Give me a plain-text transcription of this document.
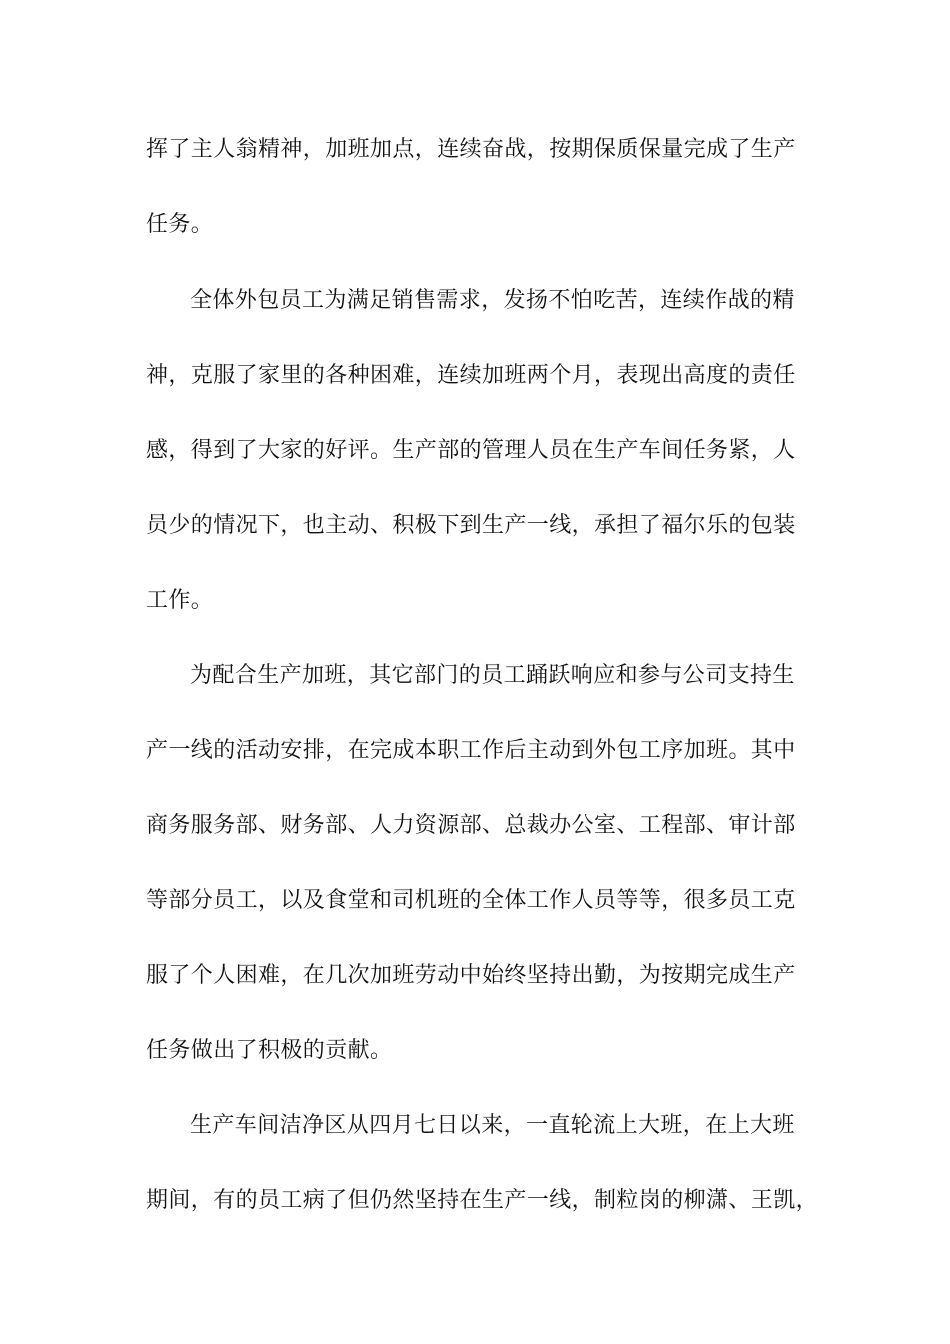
挥了主人翁精神，加班加点，连续奋战，按期保质保量完成了生产
任务。
全体外包员工为满足销售需求，发扬不怕吃苦，连续作战的精
神，克服了家里的各种困难，连续加班两个月，表现出高度的责任
感，得到了大家的好评。生产部的管理人员在生产车间任务紧，人
员少的情况下，也主动、积极下到生产一线，承担了福尔乐的包装
工作。
为配合生产加班，其它部门的员工踊跃响应和参与公司支持生
产一线的活动安排，在完成本职工作后主动到外包工序加班。其中
商务服务部、财务部、人力资源部、总裁办公室、工程部、审计部
等部分员工，以及食堂和司机班的全体工作人员等等，很多员工克
服了个人困难，在几次加班劳动中始终坚持出勤，为按期完成生产
任务做出了积极的贡献。
生产车间洁净区从四月七日以来，一直轮流上大班，在上大班
期间，有的员工病了但仍然坚持在生产一线，制粒岗的柳潇、王凯，
